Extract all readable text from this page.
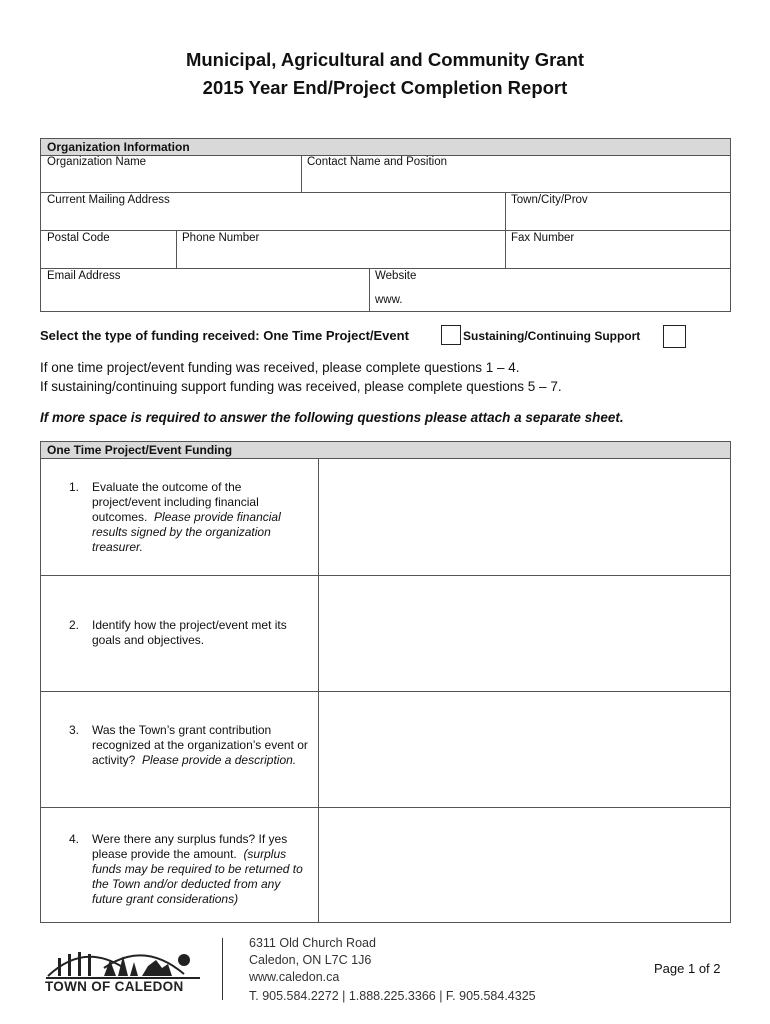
Municipal, Agricultural and Community Grant
2015 Year End/Project Completion Report
Organization Information
Organization Name	Contact Name and Position
Current Mailing Address	Town/City/Prov
Postal Code	Phone Number	Fax Number
Email Address	Website
www.
Select the type of funding received: One Time Project/Event	Sustaining/Continuing Support
If one time project/event funding was received, please complete questions 1 – 4.
If sustaining/continuing support funding was received, please complete questions 5 – 7.
If more space is required to answer the following questions please attach a separate sheet.
One Time Project/Event Funding
1. Evaluate the outcome of the project/event including financial outcomes. Please provide financial results signed by the organization treasurer.
2. Identify how the project/event met its goals and objectives.
3. Was the Town’s grant contribution recognized at the organization’s event or activity? Please provide a description.
4. Were there any surplus funds? If yes please provide the amount. (surplus funds may be required to be returned to the Town and/or deducted from any future grant considerations)
TOWN OF CALEDON
6311 Old Church Road
Caledon, ON L7C 1J6
www.caledon.ca
T. 905.584.2272 | 1.888.225.3366 | F. 905.584.4325
Page 1 of 2
